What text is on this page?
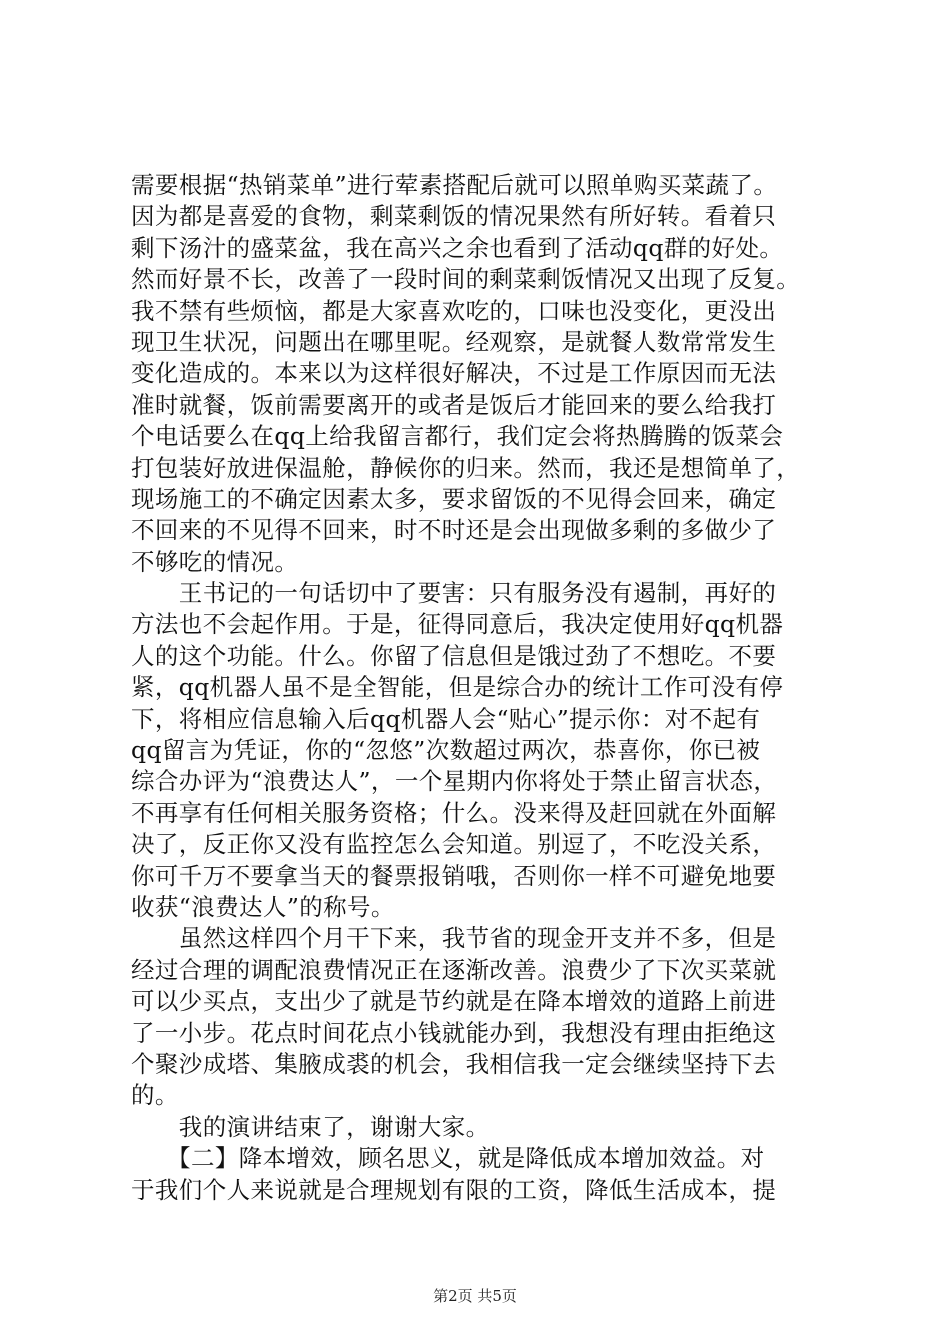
需要根据“热销菜单”进行荤素搭配后就可以照单购买菜蔬了。
因为都是喜爱的食物，剩菜剩饭的情况果然有所好转。看着只
剩下汤汁的盛菜盆，我在高兴之余也看到了活动qq群的好处。
然而好景不长，改善了一段时间的剩菜剩饭情况又出现了反复。
我不禁有些烦恼，都是大家喜欢吃的，口味也没变化，更没出
现卫生状况，问题出在哪里呢。经观察，是就餐人数常常发生
变化造成的。本来以为这样很好解决，不过是工作原因而无法
准时就餐，饭前需要离开的或者是饭后才能回来的要么给我打
个电话要么在qq上给我留言都行，我们定会将热腾腾的饭菜会
打包装好放进保温舱，静候你的归来。然而，我还是想简单了，
现场施工的不确定因素太多，要求留饭的不见得会回来，确定
不回来的不见得不回来，时不时还是会出现做多剩的多做少了
不够吃的情况。
　　王书记的一句话切中了要害：只有服务没有遏制，再好的
方法也不会起作用。于是，征得同意后，我决定使用好qq机器
人的这个功能。什么。你留了信息但是饿过劲了不想吃。不要
紧，qq机器人虽不是全智能，但是综合办的统计工作可没有停
下，将相应信息输入后qq机器人会“贴心”提示你：对不起有
qq留言为凭证，你的“忽悠”次数超过两次，恭喜你，你已被
综合办评为“浪费达人”，一个星期内你将处于禁止留言状态，
不再享有任何相关服务资格；什么。没来得及赶回就在外面解
决了，反正你又没有监控怎么会知道。别逗了，不吃没关系，
你可千万不要拿当天的餐票报销哦，否则你一样不可避免地要
收获“浪费达人”的称号。
　　虽然这样四个月干下来，我节省的现金开支并不多，但是
经过合理的调配浪费情况正在逐渐改善。浪费少了下次买菜就
可以少买点，支出少了就是节约就是在降本增效的道路上前进
了一小步。花点时间花点小钱就能办到，我想没有理由拒绝这
个聚沙成塔、集腋成裘的机会，我相信我一定会继续坚持下去
的。
　　我的演讲结束了，谢谢大家。
　　【二】降本增效，顾名思义，就是降低成本增加效益。对
于我们个人来说就是合理规划有限的工资，降低生活成本，提
第2页 共5页
